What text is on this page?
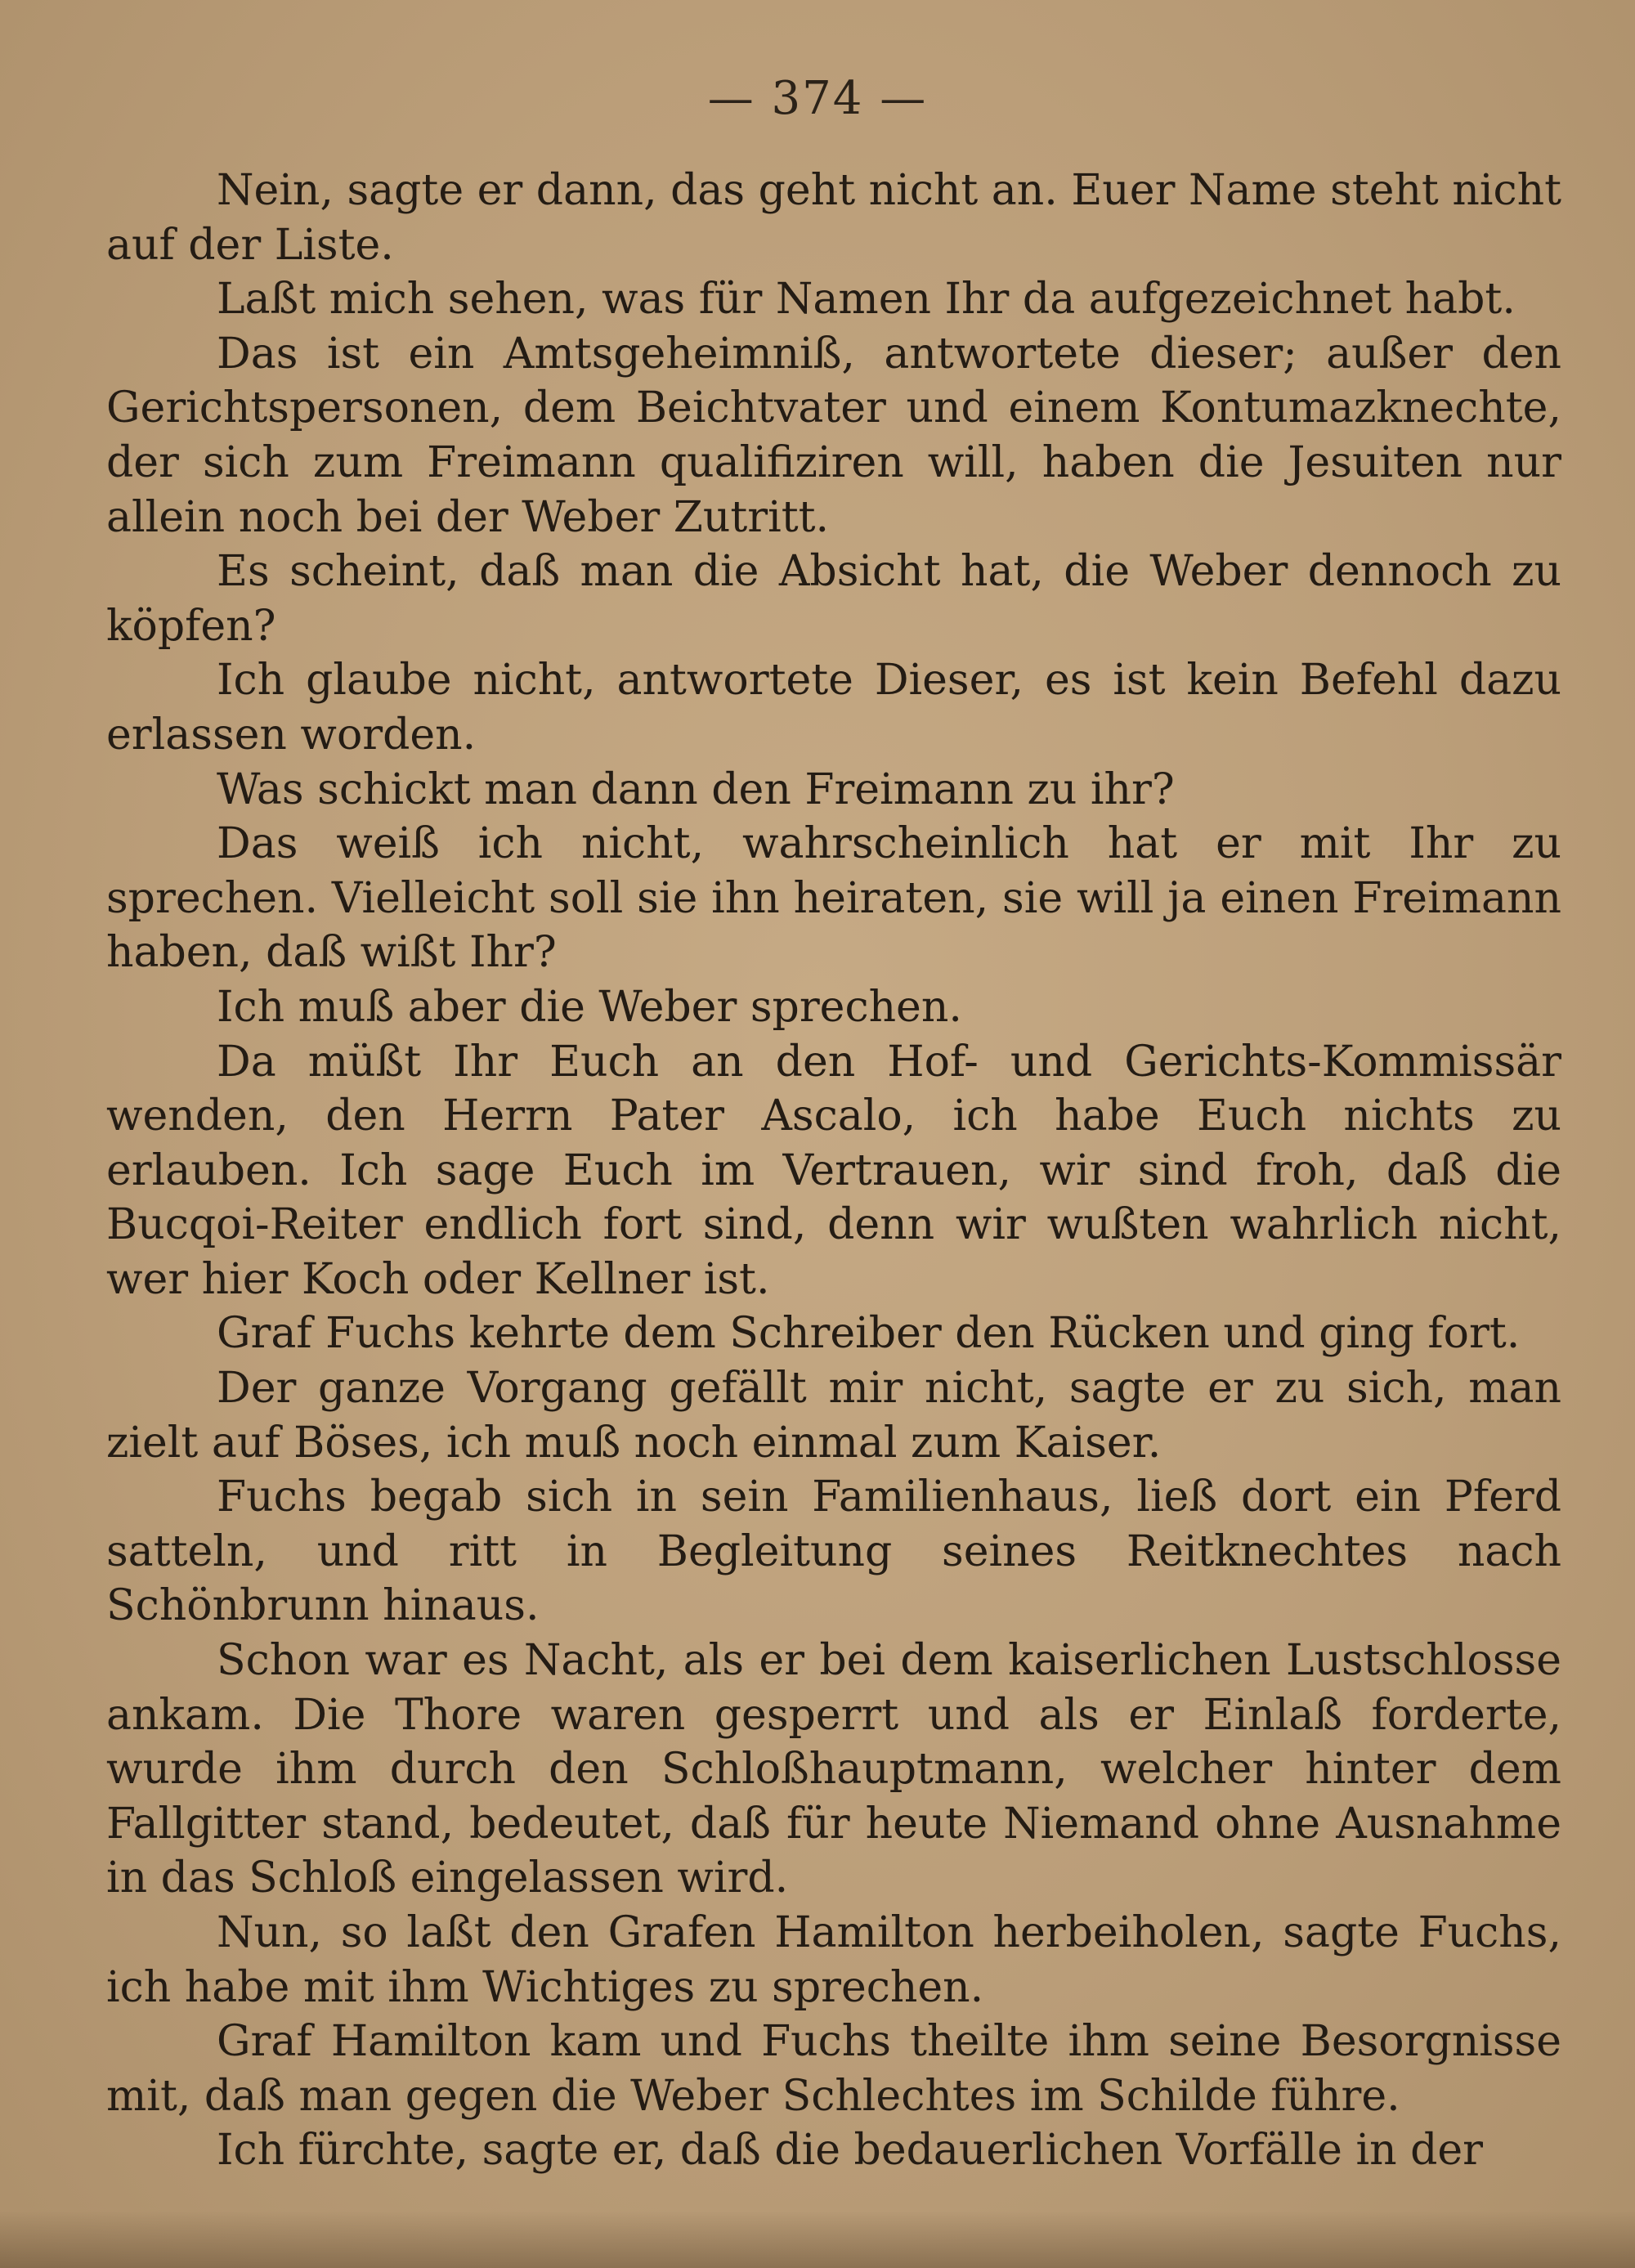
— 374 —

Nein, sagte er dann, das geht nicht an. Euer Name steht nicht auf der Liste.

Laßt mich sehen, was für Namen Ihr da aufgezeichnet habt.

Das ist ein Amtsgeheimniß, antwortete dieser; außer den Gerichtspersonen, dem Beichtvater und einem Kontumazknechte, der sich zum Freimann qualifiziren will, haben die Jesuiten nur allein noch bei der Weber Zutritt.

Es scheint, daß man die Absicht hat, die Weber dennoch zu köpfen?

Ich glaube nicht, antwortete Dieser, es ist kein Befehl dazu erlassen worden.

Was schickt man dann den Freimann zu ihr?

Das weiß ich nicht, wahrscheinlich hat er mit Ihr zu sprechen. Vielleicht soll sie ihn heiraten, sie will ja einen Freimann haben, daß wißt Ihr?

Ich muß aber die Weber sprechen.

Da müßt Ihr Euch an den Hof- und Gerichts-Kommissär wenden, den Herrn Pater Ascalo, ich habe Euch nichts zu erlauben. Ich sage Euch im Vertrauen, wir sind froh, daß die Bucqoi-Reiter endlich fort sind, denn wir wußten wahrlich nicht, wer hier Koch oder Kellner ist.

Graf Fuchs kehrte dem Schreiber den Rücken und ging fort.

Der ganze Vorgang gefällt mir nicht, sagte er zu sich, man zielt auf Böses, ich muß noch einmal zum Kaiser.

Fuchs begab sich in sein Familienhaus, ließ dort ein Pferd satteln, und ritt in Begleitung seines Reitknechtes nach Schönbrunn hinaus.

Schon war es Nacht, als er bei dem kaiserlichen Lustschlosse ankam. Die Thore waren gesperrt und als er Einlaß forderte, wurde ihm durch den Schloßhauptmann, welcher hinter dem Fallgitter stand, bedeutet, daß für heute Niemand ohne Ausnahme in das Schloß eingelassen wird.

Nun, so laßt den Grafen Hamilton herbeiholen, sagte Fuchs, ich habe mit ihm Wichtiges zu sprechen.

Graf Hamilton kam und Fuchs theilte ihm seine Besorgnisse mit, daß man gegen die Weber Schlechtes im Schilde führe.

Ich fürchte, sagte er, daß die bedauerlichen Vorfälle in der
